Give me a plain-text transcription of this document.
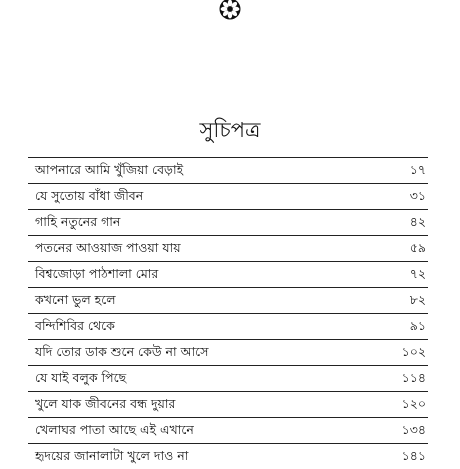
সুচিপত্র
আপনারে আমি খুঁজিয়া বেড়াই	১৭
যে সুতোয় বাঁধা জীবন	৩১
গাহি নতুনের গান	৪২
পতনের আওয়াজ পাওয়া যায়	৫৯
বিশ্বজোড়া পাঠশালা মোর	৭২
কখনো ভুল হলে	৮২
বন্দিশিবির থেকে	৯১
যদি তোর ডাক শুনে কেউ না আসে	১০২
যে যাই বলুক পিছে	১১৪
খুলে যাক জীবনের বন্ধ দুয়ার	১২০
খেলাঘর পাতা আছে এই এখানে	১৩৪
হৃদয়ের জানালাটা খুলে দাও না	১৪১
